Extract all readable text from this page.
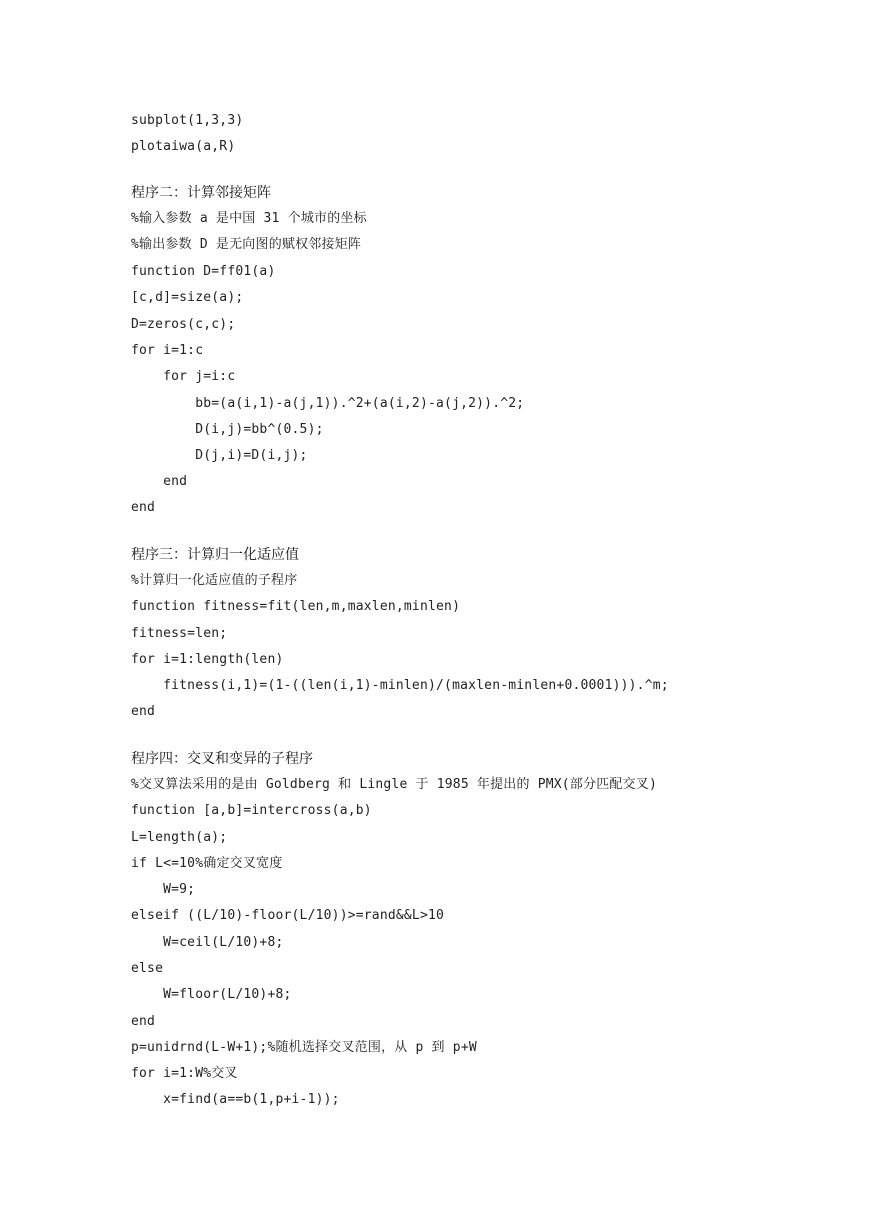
subplot(1,3,3)
plotaiwa(a,R)
程序二：计算邻接矩阵
%输入参数 a 是中国 31 个城市的坐标
%输出参数 D 是无向图的赋权邻接矩阵
function D=ff01(a)
[c,d]=size(a);
D=zeros(c,c);
for i=1:c
for j=i:c
bb=(a(i,1)-a(j,1)).^2+(a(i,2)-a(j,2)).^2;
D(i,j)=bb^(0.5);
D(j,i)=D(i,j);
end
end
程序三：计算归一化适应值
%计算归一化适应值的子程序
function fitness=fit(len,m,maxlen,minlen)
fitness=len;
for i=1:length(len)
fitness(i,1)=(1-((len(i,1)-minlen)/(maxlen-minlen+0.0001))).^m;
end
程序四：交叉和变异的子程序
%交叉算法采用的是由 Goldberg 和 Lingle 于 1985 年提出的 PMX(部分匹配交叉)
function [a,b]=intercross(a,b)
L=length(a);
if L<=10%确定交叉宽度
W=9;
elseif ((L/10)-floor(L/10))>=rand&&L>10
W=ceil(L/10)+8;
else
W=floor(L/10)+8;
end
p=unidrnd(L-W+1);%随机选择交叉范围，从 p 到 p+W
for i=1:W%交叉
x=find(a==b(1,p+i-1));
